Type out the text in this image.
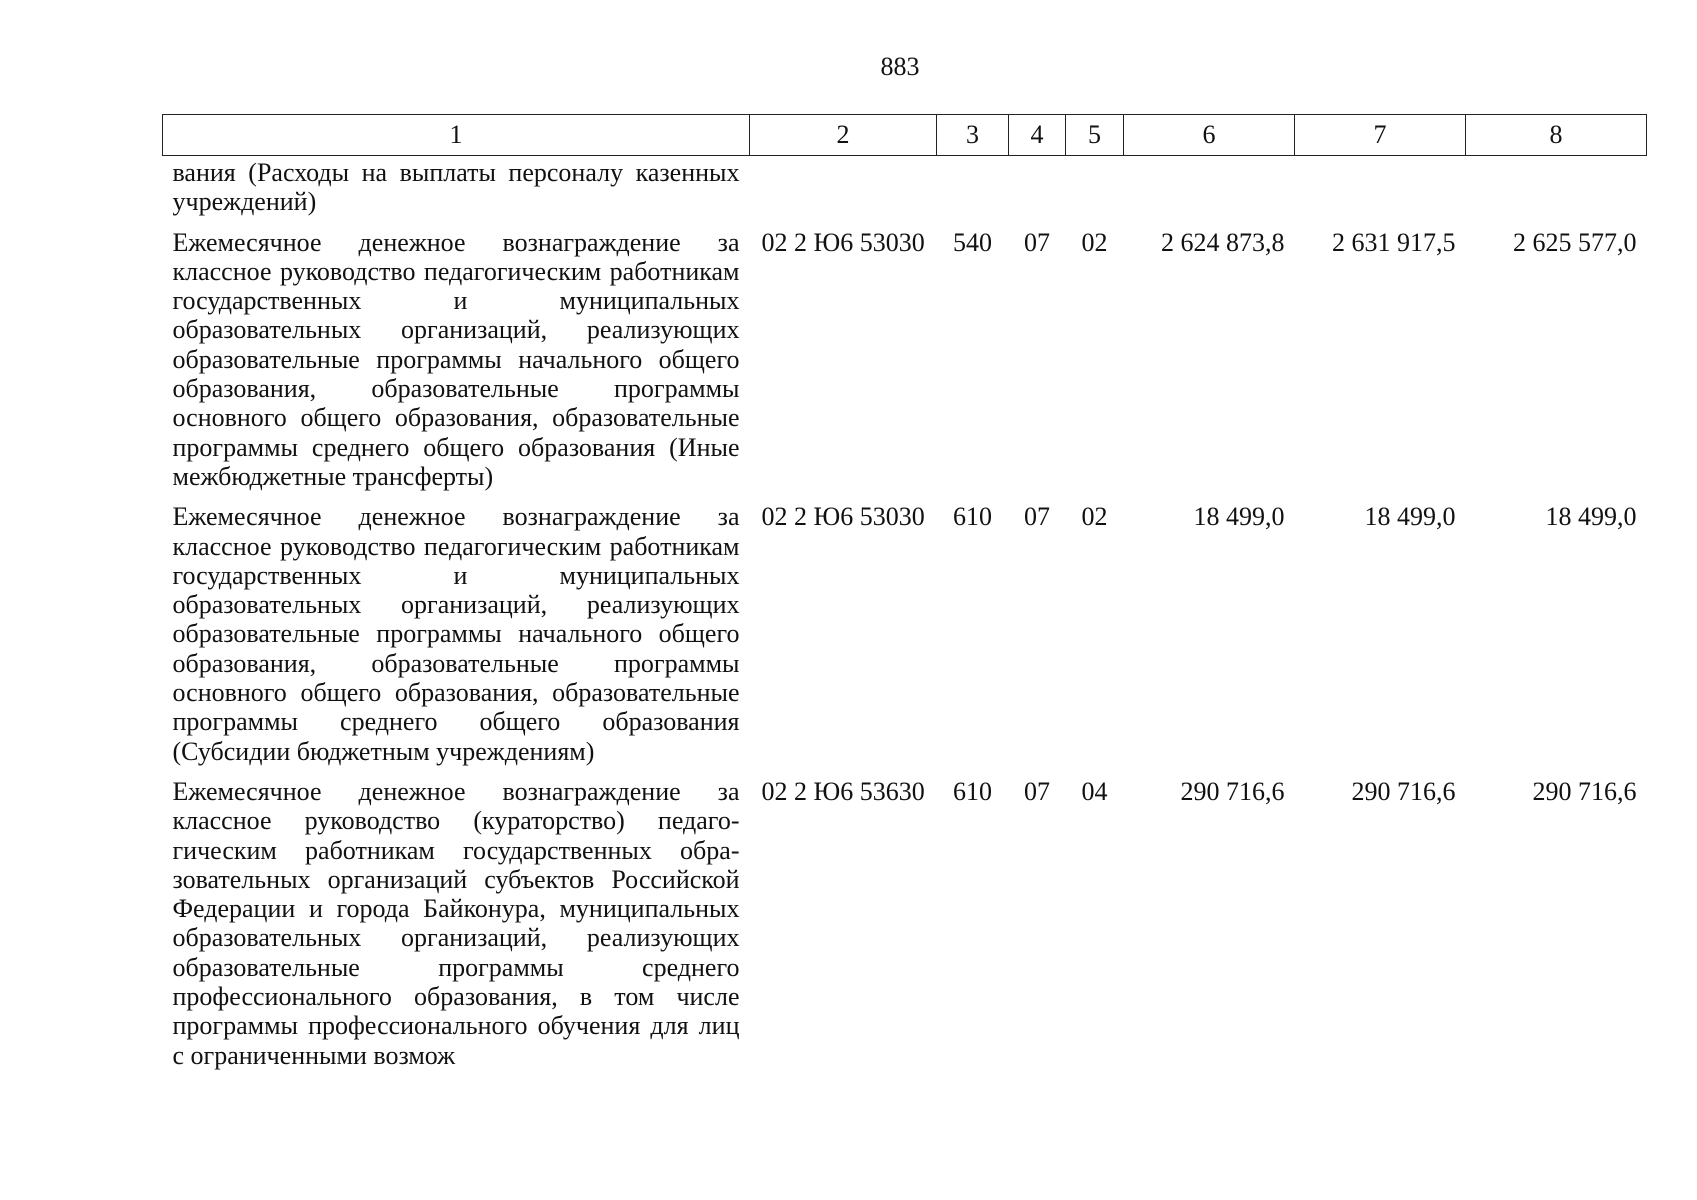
883
1	2	3	4	5	6	7	8
вания (Расходы на выплаты персоналу казенных учреждений)							
Ежемесячное денежное вознаграждение за классное руководство педагогическим работникам государственных и муниципальных образовательных организаций, реализующих образовательные программы начального общего образования, образовательные программы основного общего образования, образовательные программы среднего общего образования (Иные межбюджетные трансферты)	02 2 Ю6 53030	540	07	02	2 624 873,8	2 631 917,5	2 625 577,0
Ежемесячное денежное вознаграждение за классное руководство педагогическим работникам государственных и муниципальных образовательных организаций, реализующих образовательные программы начального общего образования, образовательные программы основного общего образования, образовательные программы среднего общего образования (Субсидии бюджетным учреждениям)	02 2 Ю6 53030	610	07	02	18 499,0	18 499,0	18 499,0
Ежемесячное денежное вознаграждение за классное руководство (кураторство) педагогическим работникам государственных образовательных организаций субъектов Российской Федерации и города Байконура, муниципальных образовательных организаций, реализующих образовательные программы среднего профессионального образования, в том числе программы профессионального обучения для лиц с ограниченными возмож	02 2 Ю6 53630	610	07	04	290 716,6	290 716,6	290 716,6
